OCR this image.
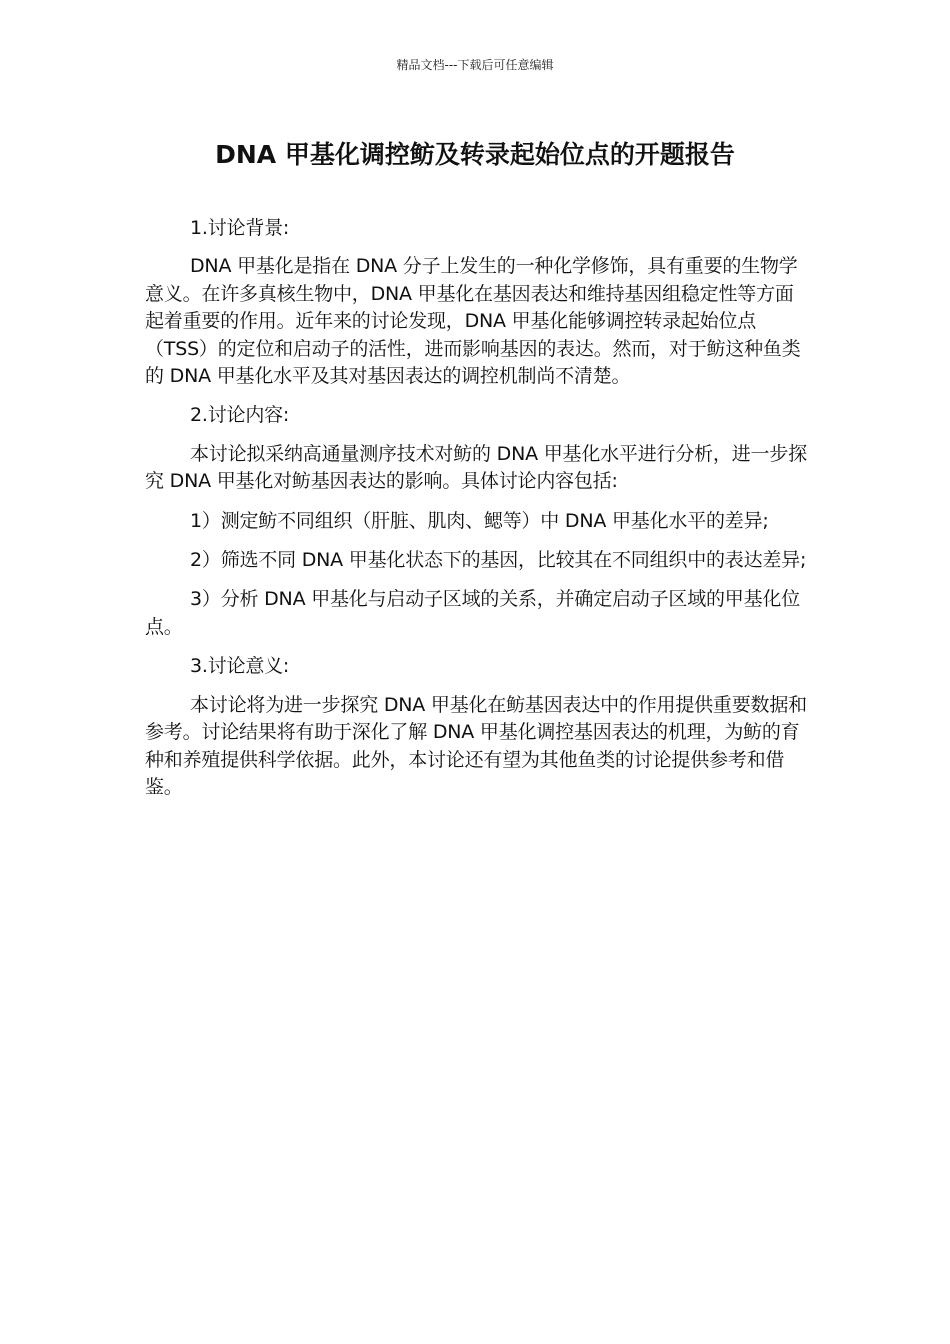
精品文档---下载后可任意编辑
DNA 甲基化调控鲂及转录起始位点的开题报告

1.讨论背景:

DNA 甲基化是指在 DNA 分子上发生的一种化学修饰，具有重要的生物学意义。在许多真核生物中，DNA 甲基化在基因表达和维持基因组稳定性等方面起着重要的作用。近年来的讨论发现，DNA 甲基化能够调控转录起始位点（TSS）的定位和启动子的活性，进而影响基因的表达。然而，对于鲂这种鱼类的 DNA 甲基化水平及其对基因表达的调控机制尚不清楚。

2.讨论内容:

本讨论拟采纳高通量测序技术对鲂的 DNA 甲基化水平进行分析，进一步探究 DNA 甲基化对鲂基因表达的影响。具体讨论内容包括:

1）测定鲂不同组织（肝脏、肌肉、鳃等）中 DNA 甲基化水平的差异;

2）筛选不同 DNA 甲基化状态下的基因，比较其在不同组织中的表达差异;

3）分析 DNA 甲基化与启动子区域的关系，并确定启动子区域的甲基化位点。

3.讨论意义:

本讨论将为进一步探究 DNA 甲基化在鲂基因表达中的作用提供重要数据和参考。讨论结果将有助于深化了解 DNA 甲基化调控基因表达的机理，为鲂的育种和养殖提供科学依据。此外，本讨论还有望为其他鱼类的讨论提供参考和借鉴。
